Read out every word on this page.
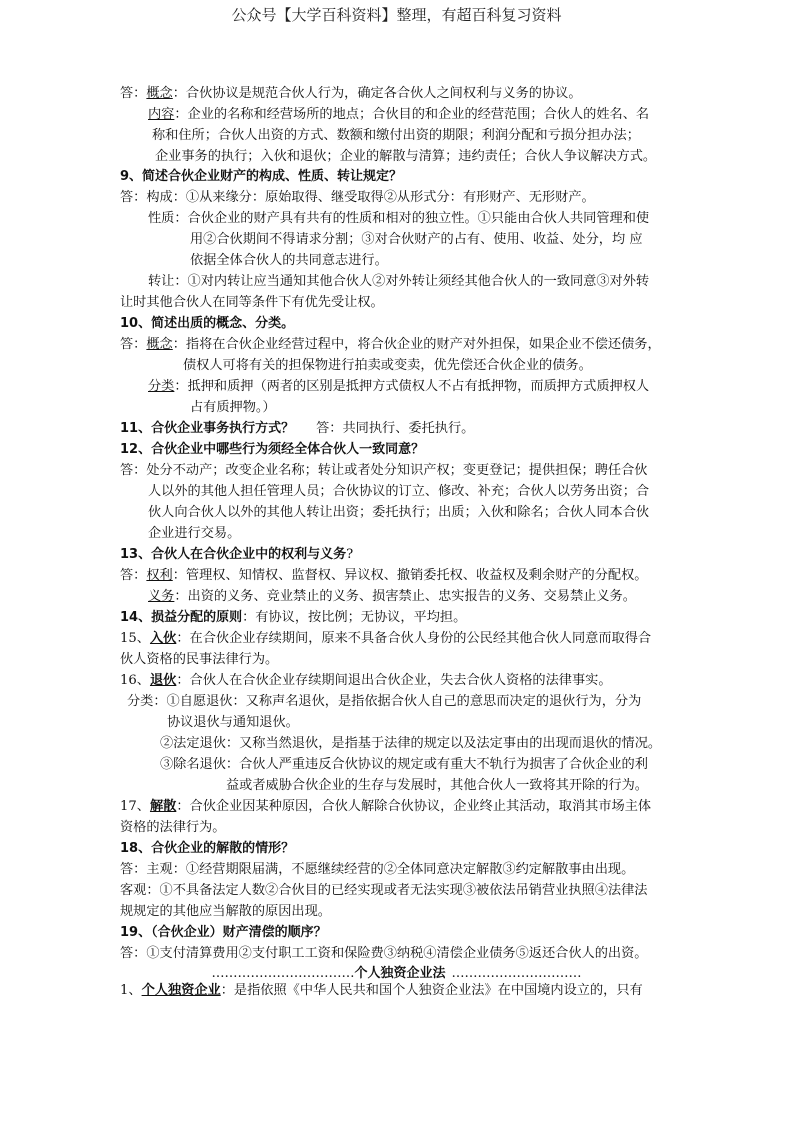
公众号【大学百科资料】整理，有超百科复习资料
答：概念：合伙协议是规范合伙人行为，确定各合伙人之间权利与义务的协议。
内容：企业的名称和经营场所的地点；合伙目的和企业的经营范围；合伙人的姓名、名
称和住所；合伙人出资的方式、数额和缴付出资的期限；利润分配和亏损分担办法；
企业事务的执行；入伙和退伙；企业的解散与清算；违约责任；合伙人争议解决方式。
9、简述合伙企业财产的构成、性质、转让规定？
答：构成：①从来缘分：原始取得、继受取得②从形式分：有形财产、无形财产。
性质：合伙企业的财产具有共有的性质和相对的独立性。①只能由合伙人共同管理和使
用②合伙期间不得请求分割；③对合伙财产的占有、使用、收益、处分，均 应
依据全体合伙人的共同意志进行。
转让：①对内转让应当通知其他合伙人②对外转让须经其他合伙人的一致同意③对外转
让时其他合伙人在同等条件下有优先受让权。
10、简述出质的概念、分类。
答：概念：指将在合伙企业经营过程中，将合伙企业的财产对外担保，如果企业不偿还债务，
债权人可将有关的担保物进行拍卖或变卖，优先偿还合伙企业的债务。
分类：抵押和质押（两者的区别是抵押方式债权人不占有抵押物，而质押方式质押权人
占有质押物。）
11、合伙企业事务执行方式？ 答：共同执行、委托执行。
12、合伙企业中哪些行为须经全体合伙人一致同意？
答：处分不动产；改变企业名称；转让或者处分知识产权；变更登记；提供担保；聘任合伙
人以外的其他人担任管理人员；合伙协议的订立、修改、补充；合伙人以劳务出资；合
伙人向合伙人以外的其他人转让出资；委托执行；出质；入伙和除名；合伙人同本合伙
企业进行交易。
13、合伙人在合伙企业中的权利与义务?
答：权利：管理权、知情权、监督权、异议权、撤销委托权、收益权及剩余财产的分配权。
义务：出资的义务、竞业禁止的义务、损害禁止、忠实报告的义务、交易禁止义务。
14、损益分配的原则：有协议，按比例；无协议，平均担。
15、入伙：在合伙企业存续期间，原来不具备合伙人身份的公民经其他合伙人同意而取得合
伙人资格的民事法律行为。
16、退伙：合伙人在合伙企业存续期间退出合伙企业，失去合伙人资格的法律事实。
分类：①自愿退伙：又称声名退伙，是指依据合伙人自己的意思而决定的退伙行为，分为
协议退伙与通知退伙。
②法定退伙：又称当然退伙，是指基于法律的规定以及法定事由的出现而退伙的情况。
③除名退伙：合伙人严重违反合伙协议的规定或有重大不轨行为损害了合伙企业的利
益或者威胁合伙企业的生存与发展时，其他合伙人一致将其开除的行为。
17、解散：合伙企业因某种原因，合伙人解除合伙协议，企业终止其活动，取消其市场主体
资格的法律行为。
18、合伙企业的解散的情形？
答：主观：①经营期限届满，不愿继续经营的②全体同意决定解散③约定解散事由出现。
客观：①不具备法定人数②合伙目的已经实现或者无法实现③被依法吊销营业执照④法律法
规规定的其他应当解散的原因出现。
19、（合伙企业）财产清偿的顺序？
答：①支付清算费用②支付职工工资和保险费③纳税④清偿企业债务⑤返还合伙人的出资。
……………………………个人独资企业法 …………………………
1、个人独资企业：是指依照《中华人民共和国个人独资企业法》在中国境内设立的，只有
